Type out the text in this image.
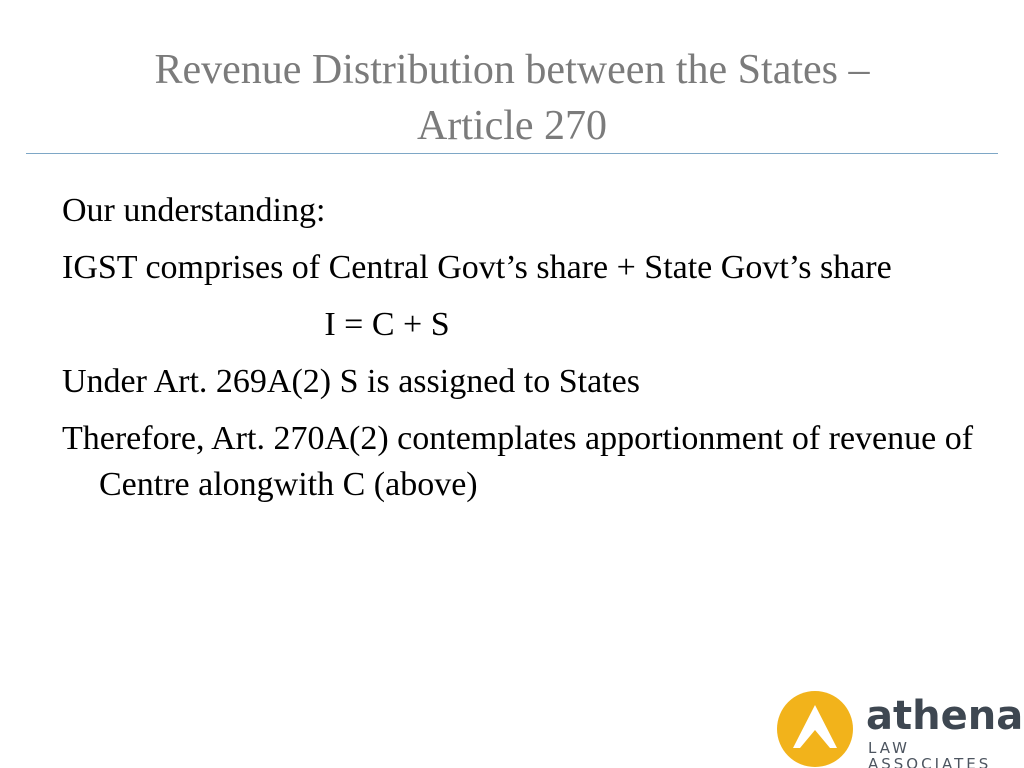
Revenue Distribution between the States –
Article 270
Our understanding:
IGST comprises of Central Govt’s share + State Govt’s share
I = C + S
Under Art. 269A(2) S is assigned to States
Therefore, Art. 270A(2) contemplates apportionment of revenue of Centre alongwith C (above)
athena
LAW ASSOCIATES
